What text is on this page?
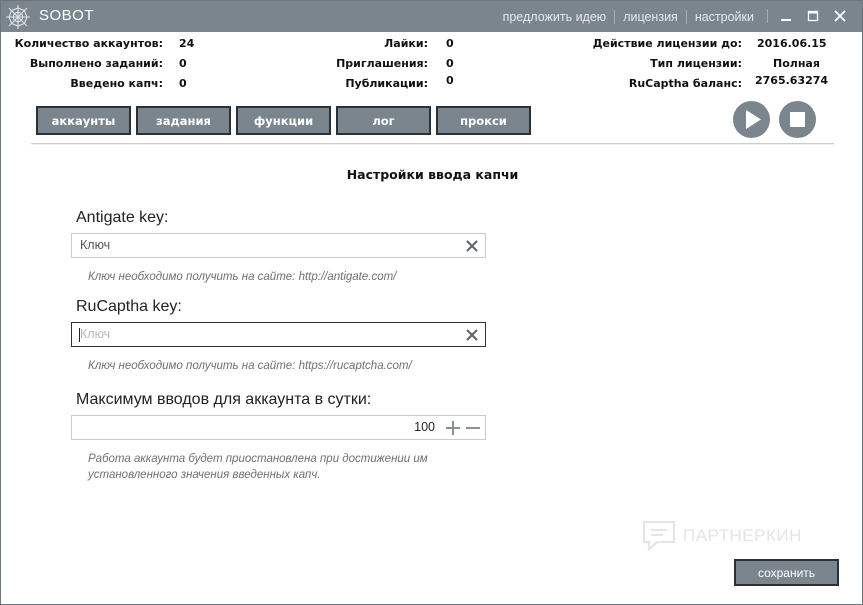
SOBOT	предложить идею	лицензия	настройки
Количество аккаунтов: 24
Выполнено заданий: 0
Введено капч: 0
Лайки: 0
Приглашения: 0
Публикации: 0
Действие лицензии до: 2016.06.15
Тип лицензии:	Полная
RuCaptha баланс: 2765.63274
аккаунты	задания	функции	лог	прокси
Настройки ввода капчи
Antigate key:
Ключ
Ключ необходимо получить на сайте: http://antigate.com/
RuCaptha key:
Ключ
Ключ необходимо получить на сайте: https://rucaptcha.com/
Максимум вводов для аккаунта в сутки:
100
Работа аккаунта будет приостановлена при достижении им
установленного значения введенных капч.
ПАРТНЕРКИН
сохранить
